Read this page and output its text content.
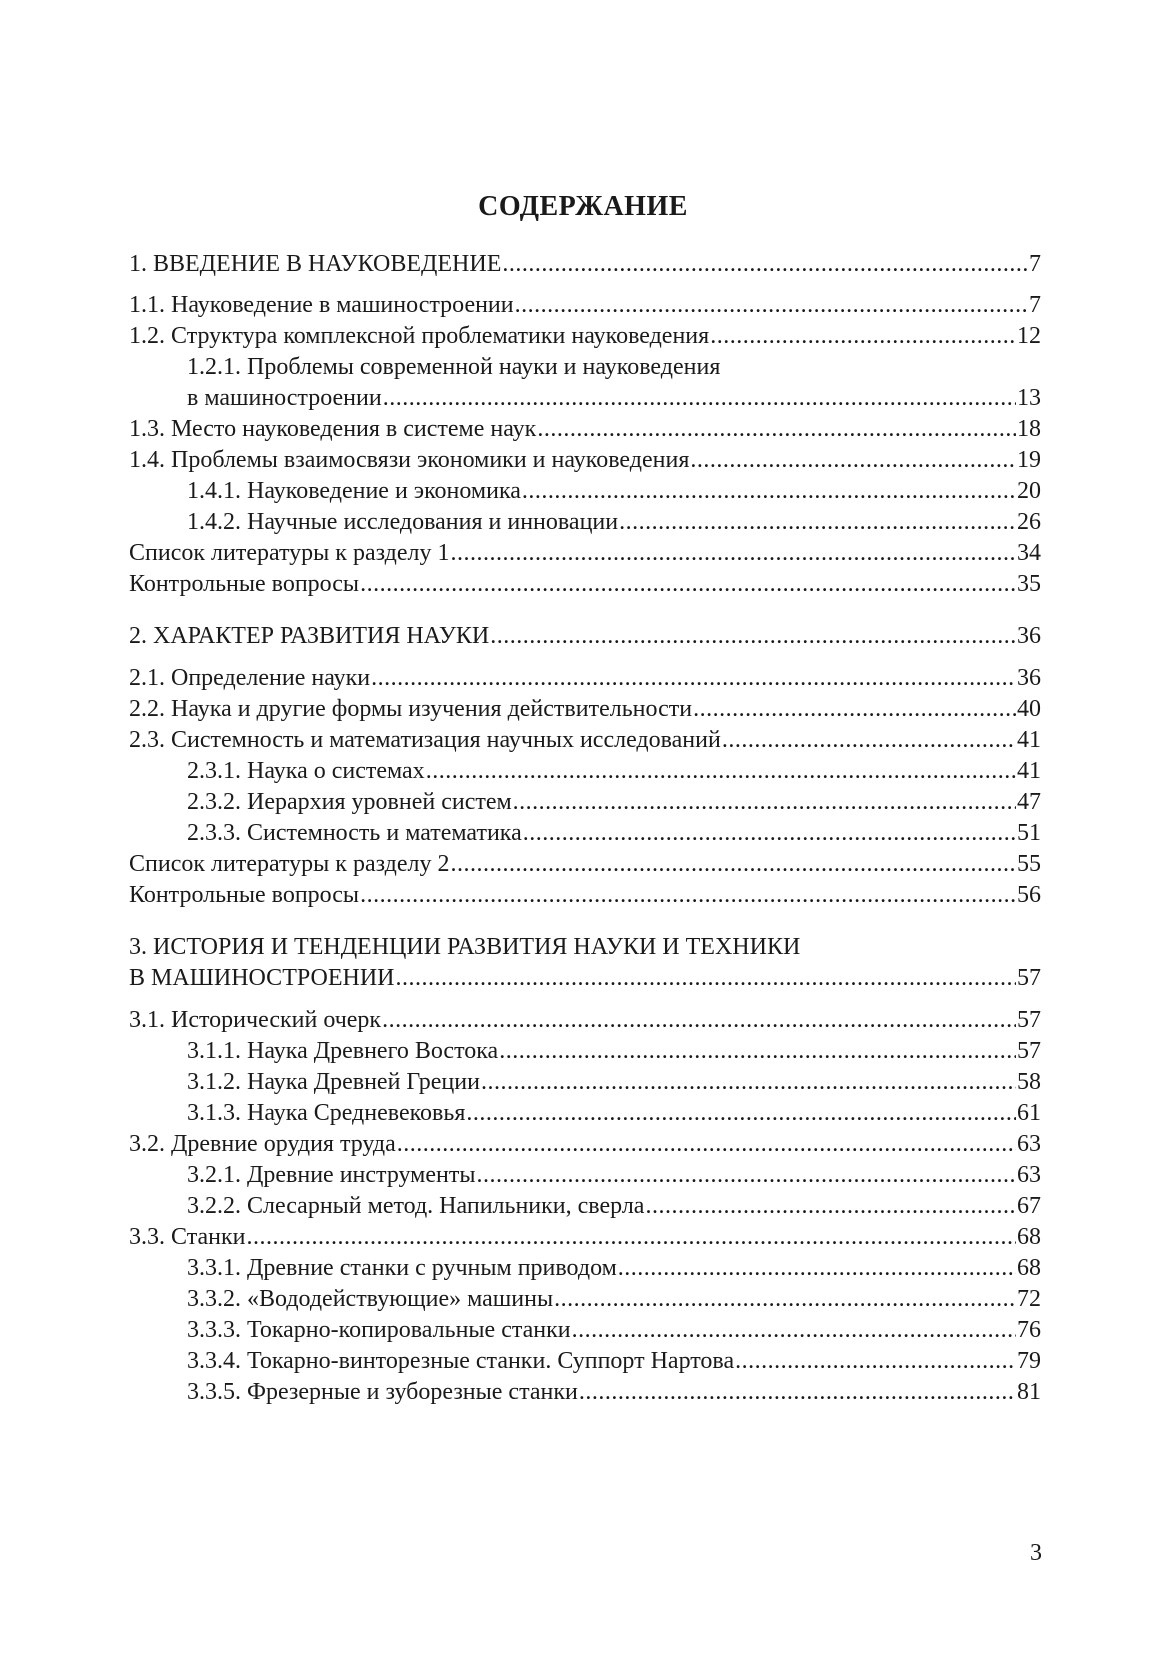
СОДЕРЖАНИЕ
1. ВВЕДЕНИЕ В НАУКОВЕДЕНИЕ .....	7
1.1. Науковедение в машиностроении .....	7
1.2. Структура комплексной проблематики науковедения .....	12
1.2.1. Проблемы современной науки и науковедения
в машиностроении .....	13
1.3. Место науковедения в системе наук .....	18
1.4. Проблемы взаимосвязи экономики и науковедения .....	19
1.4.1. Науковедение и экономика .....	20
1.4.2. Научные исследования и инновации .....	26
Список литературы к разделу 1 .....	34
Контрольные вопросы .....	35
2. ХАРАКТЕР РАЗВИТИЯ НАУКИ .....	36
2.1. Определение науки .....	36
2.2. Наука и другие формы изучения действительности .....	40
2.3. Системность и математизация научных исследований .....	41
2.3.1. Наука о системах .....	41
2.3.2. Иерархия уровней систем .....	47
2.3.3. Системность и математика .....	51
Список литературы к разделу 2 .....	55
Контрольные вопросы .....	56
3. ИСТОРИЯ И ТЕНДЕНЦИИ РАЗВИТИЯ НАУКИ И ТЕХНИКИ
В МАШИНОСТРОЕНИИ .....	57
3.1. Исторический очерк .....	57
3.1.1. Наука Древнего Востока .....	57
3.1.2. Наука Древней Греции .....	58
3.1.3. Наука Средневековья .....	61
3.2. Древние орудия труда .....	63
3.2.1. Древние инструменты .....	63
3.2.2. Слесарный метод. Напильники, сверла .....	67
3.3. Станки .....	68
3.3.1. Древние станки с ручным приводом .....	68
3.3.2. «Вододействующие» машины .....	72
3.3.3. Токарно-копировальные станки .....	76
3.3.4. Токарно-винторезные станки. Суппорт Нартова .....	79
3.3.5. Фрезерные и зуборезные станки .....	81
3
